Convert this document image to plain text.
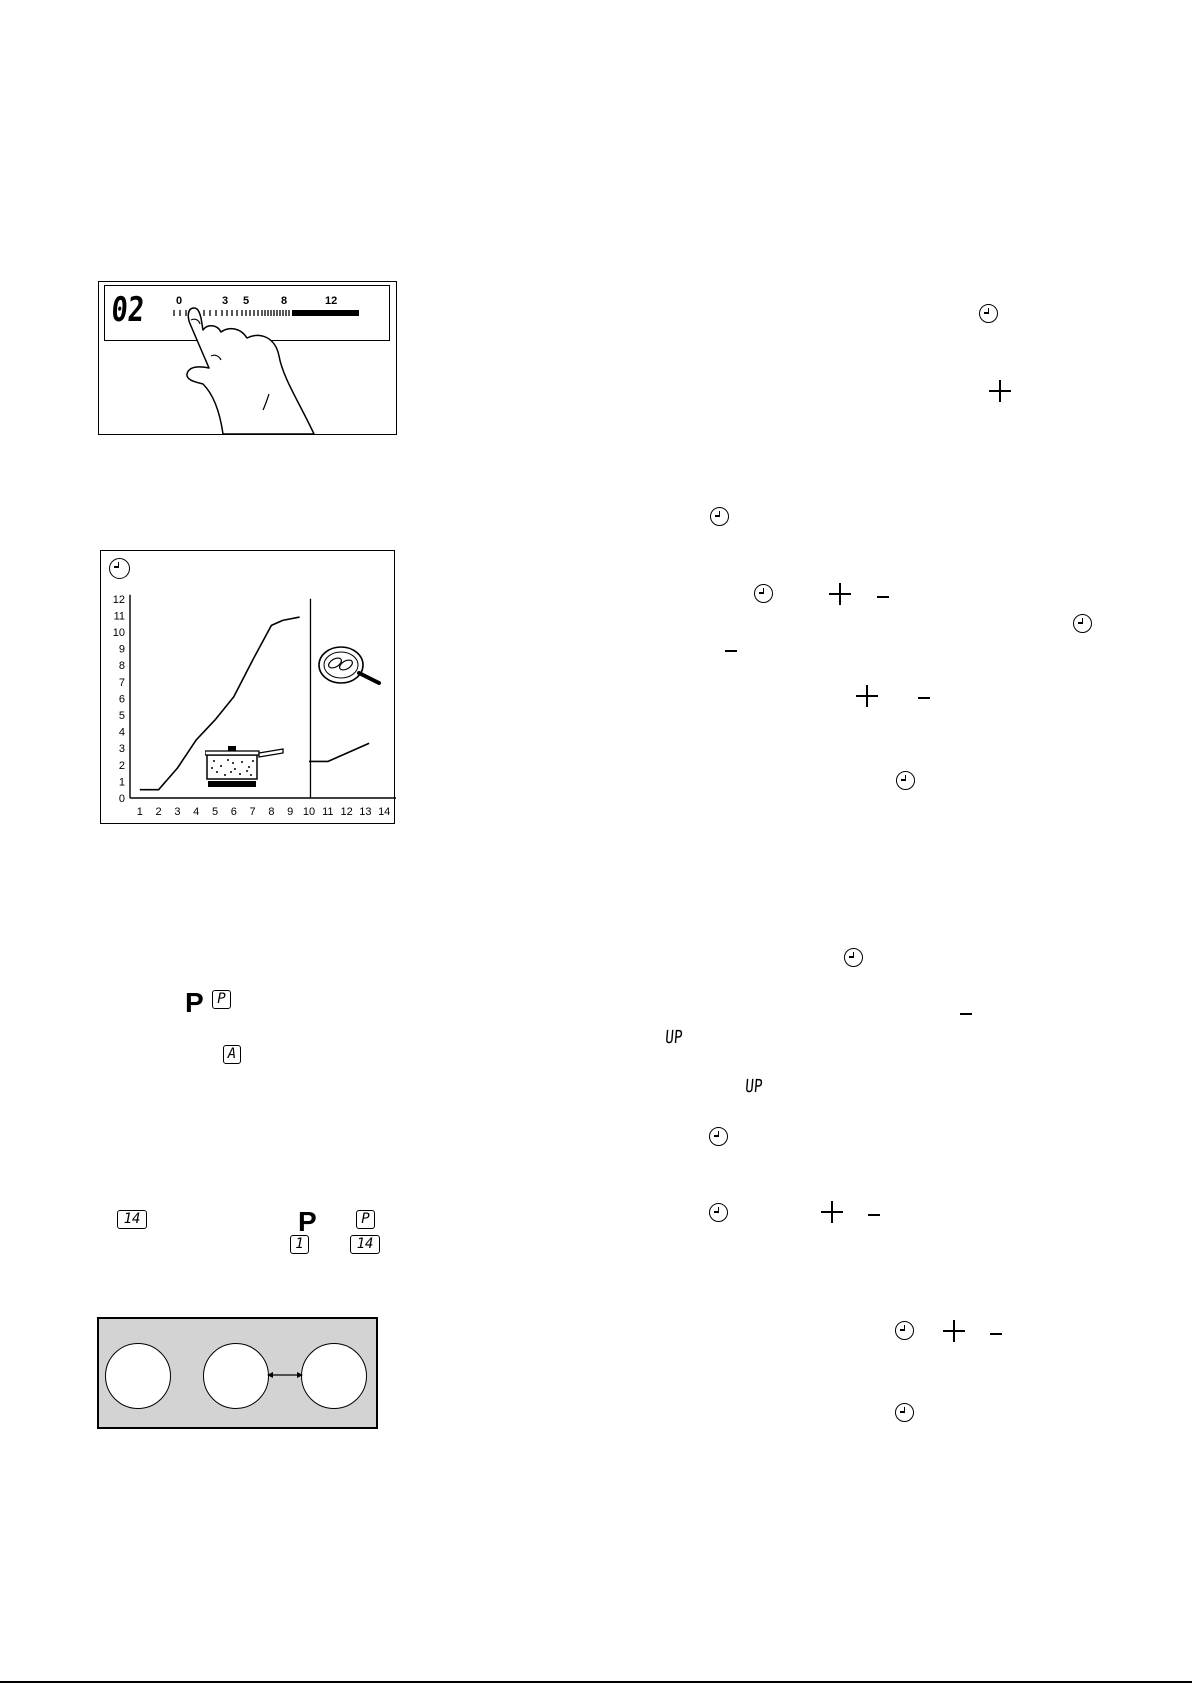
02	0	3 5	8	12
0
1
2
3
4
5
6
7
8
9
10
11
12
1 2 3 4 5 6 7 8 9 10 11 12 13 14
P P
A
14	P	P
1	14
UP
UP
